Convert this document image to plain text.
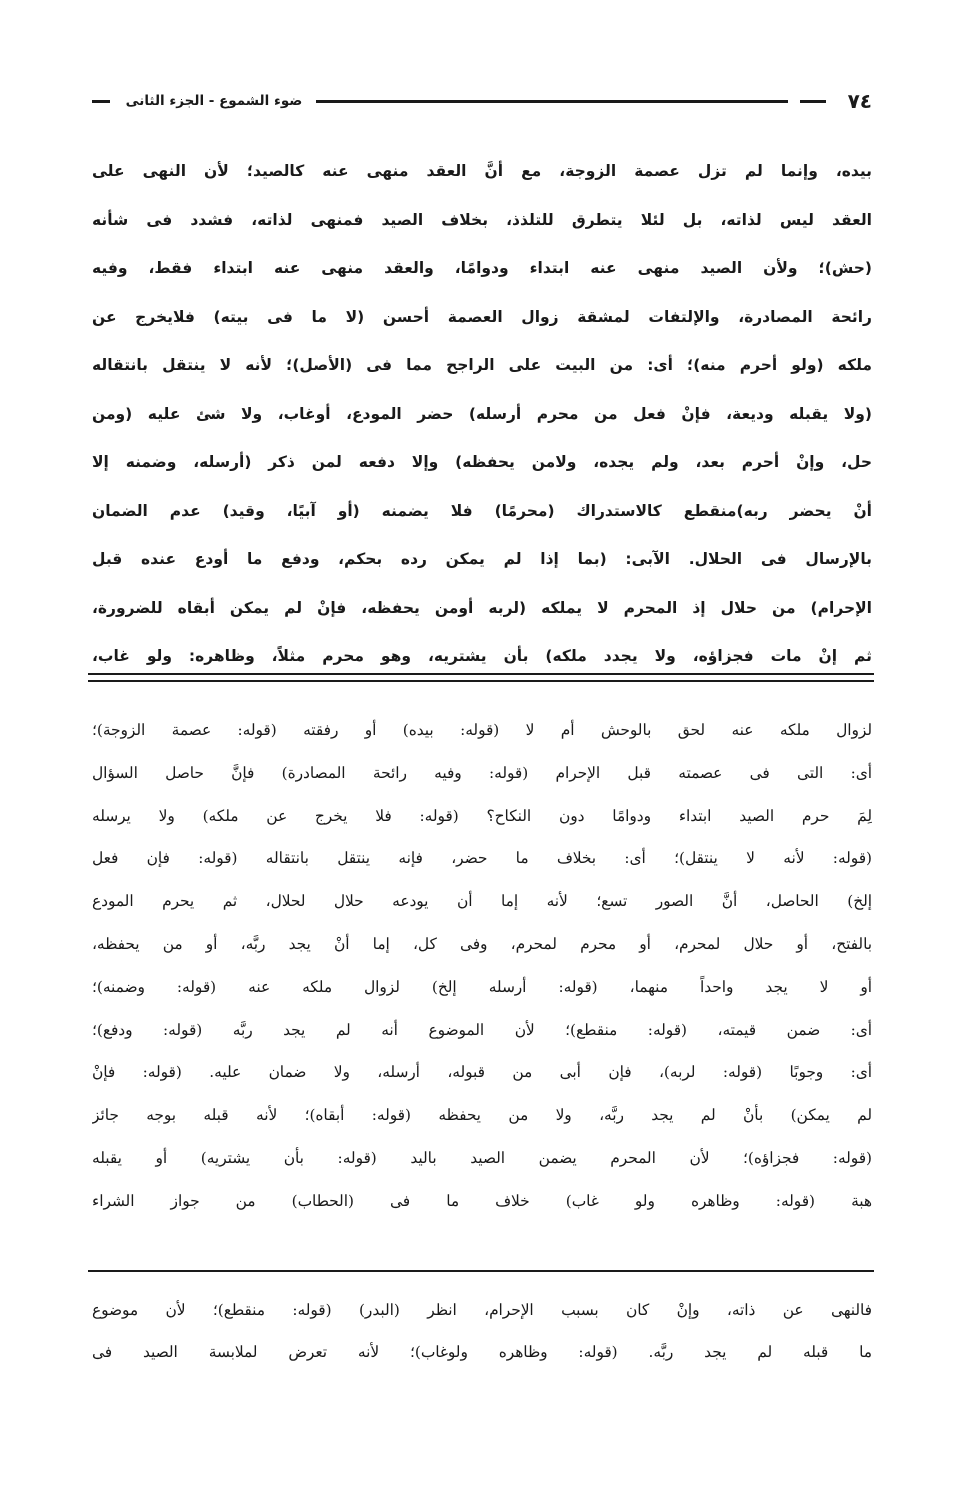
٧٤
ضوء الشموع - الجزء الثانى
بيده، وإنما لم تزل عصمة الزوجة، مع أنَّ العقد منهى عنه كالصيد؛ لأن النهى على
العقد ليس لذاته، بل لئلا يتطرق للتلذذ، بخلاف الصيد فمنهى لذاته، فشدد فى شأنه
(حش)؛ ولأن الصيد منهى عنه ابتداء ودوامًا، والعقد منهى عنه ابتداء فقط، وفيه
رائحة المصادرة، والإلتفات لمشقة زوال العصمة أحسن (لا ما فى بيته) فلايخرج عن
ملكه (ولو أحرم منه)؛ أى: من البيت على الراجح مما فى (الأصل)؛ لأنه لا ينتقل بانتقاله
(ولا يقبله وديعة، فإنْ فعل من محرم أرسله) حضر المودع، أوغاب، ولا شئ عليه (ومن
حل، وإنْ أحرم بعد، ولم يجده، ولامن يحفظه) وإلا دفعه لمن ذكر (أرسله، وضمنه إلا
أنْ يحضر ربه)منقطع كالاستدراك (محرمًا) فلا يضمنه (أو آبيًا، وقيد) عدم الضمان
بالإرسال فى الحلال. الآبى: (بما إذا لم يمكن رده بحكم، ودفع ما أودع عنده قبل
الإحرام) من حلال إذ المحرم لا يملكه (لربه أومن يحفظه، فإنْ لم يمكن أبقاه للضرورة،
ثم إنْ مات فجزاؤه، ولا يجدد ملكه) بأن يشتريه، وهو محرم مثلاً، وظاهره: ولو غاب،
لزوال ملكه عنه لحق بالوحش أم لا (قوله: بيده) أو رفقته (قوله: عصمة الزوجة)؛
أى: التى فى عصمته قبل الإحرام (قوله: وفيه رائحة المصادرة) فإنَّ حاصل السؤال
لِمَ حرم الصيد ابتداء ودوامًا دون النكاح؟ (قوله: فلا يخرج عن ملكه) ولا يرسله
(قوله: لأنه لا ينتقل)؛ أى: بخلاف ما حضر، فإنه ينتقل بانتقاله (قوله: فإن فعل
إلخ) الحاصل، أنَّ الصور تسع؛ لأنه إما أن يودعه حلال لحلال، ثم يحرم المودع
بالفتح، أو حلال لمحرم، أو محرم لمحرم، وفى كل، إما أنْ يجد ربَّه، أو من يحفظه،
أو لا يجد واحداً منهما، (قوله: أرسله إلخ) لزوال ملكه عنه (قوله: وضمنه)؛
أى: ضمن قيمته، (قوله: منقطع)؛ لأن الموضوع أنه لم يجد ربَّه (قوله: ودفع)؛
أى: وجوبًا (قوله: لربه)، فإن أبى من قبوله، أرسله، ولا ضمان عليه. (قوله: فإنْ
لم يمكن) بأنْ لم يجد ربَّه، ولا من يحفظه (قوله: أبقاه)؛ لأنه قبله بوجه جائز
(قوله: فجزاؤه)؛ لأن المحرم يضمن الصيد باليد (قوله: بأن يشتريه) أو يقبله
هبة (قوله: وظاهره ولو غاب) خلاف ما فى (الحطاب) من جواز الشراء
فالنهى عن ذاته، وإنْ كان بسبب الإحرام، انظر (البدر) (قوله: منقطع)؛ لأن موضوع
ما قبله لم يجد ربَّه. (قوله: وظاهره ولوغاب)؛ لأنه تعرض لملابسة الصيد فى
